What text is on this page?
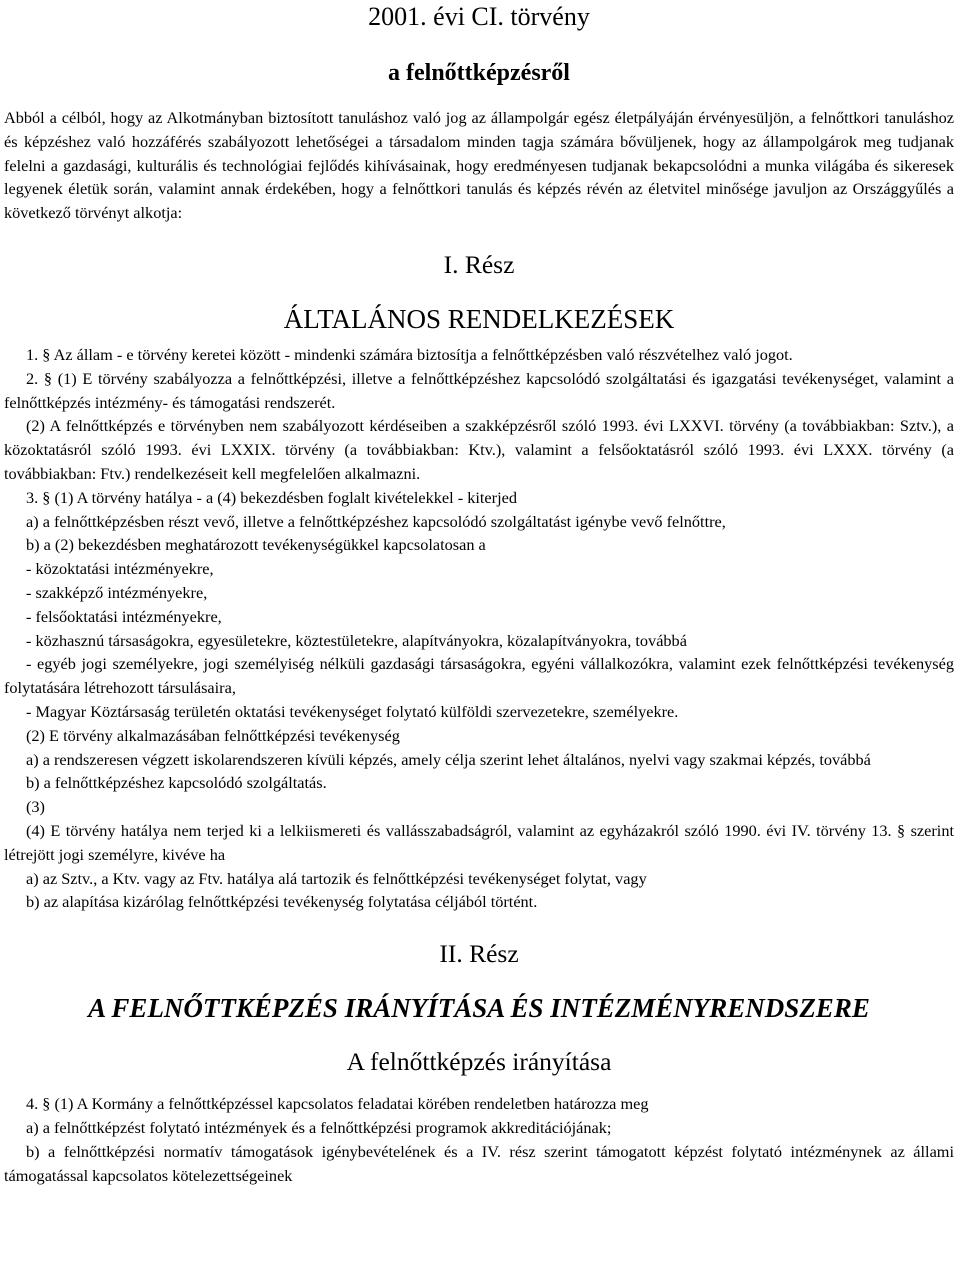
2001. évi CI. törvény
a felnőttképzésről

Abból a célból, hogy az Alkotmányban biztosított tanuláshoz való jog az állampolgár egész életpályáján érvényesüljön, a felnőttkori tanuláshoz és képzéshez való hozzáférés szabályozott lehetőségei a társadalom minden tagja számára bővüljenek, hogy az állampolgárok meg tudjanak felelni a gazdasági, kulturális és technológiai fejlődés kihívásainak, hogy eredményesen tudjanak bekapcsolódni a munka világába és sikeresek legyenek életük során, valamint annak érdekében, hogy a felnőttkori tanulás és képzés révén az életvitel minősége javuljon az Országgyűlés a következő törvényt alkotja:

I. Rész
ÁLTALÁNOS RENDELKEZÉSEK

1. § Az állam - e törvény keretei között - mindenki számára biztosítja a felnőttképzésben való részvételhez való jogot.

2. § (1) E törvény szabályozza a felnőttképzési, illetve a felnőttképzéshez kapcsolódó szolgáltatási és igazgatási tevékenységet, valamint a felnőttképzés intézmény- és támogatási rendszerét.

(2) A felnőttképzés e törvényben nem szabályozott kérdéseiben a szakképzésről szóló 1993. évi LXXVI. törvény (a továbbiakban: Sztv.), a közoktatásról szóló 1993. évi LXXIX. törvény (a továbbiakban: Ktv.), valamint a felsőoktatásról szóló 1993. évi LXXX. törvény (a továbbiakban: Ftv.) rendelkezéseit kell megfelelően alkalmazni.

3. § (1) A törvény hatálya - a (4) bekezdésben foglalt kivételekkel - kiterjed

a) a felnőttképzésben részt vevő, illetve a felnőttképzéshez kapcsolódó szolgáltatást igénybe vevő felnőttre,

b) a (2) bekezdésben meghatározott tevékenységükkel kapcsolatosan a

- közoktatási intézményekre,

- szakképző intézményekre,

- felsőoktatási intézményekre,

- közhasznú társaságokra, egyesületekre, köztestületekre, alapítványokra, közalapítványokra, továbbá

- egyéb jogi személyekre, jogi személyiség nélküli gazdasági társaságokra, egyéni vállalkozókra, valamint ezek felnőttképzési tevékenység folytatására létrehozott társulásaira,

- Magyar Köztársaság területén oktatási tevékenységet folytató külföldi szervezetekre, személyekre.

(2) E törvény alkalmazásában felnőttképzési tevékenység

a) a rendszeresen végzett iskolarendszeren kívüli képzés, amely célja szerint lehet általános, nyelvi vagy szakmai képzés, továbbá

b) a felnőttképzéshez kapcsolódó szolgáltatás.

(3)

(4) E törvény hatálya nem terjed ki a lelkiismereti és vallásszabadságról, valamint az egyházakról szóló 1990. évi IV. törvény 13. § szerint létrejött jogi személyre, kivéve ha

a) az Sztv., a Ktv. vagy az Ftv. hatálya alá tartozik és felnőttképzési tevékenységet folytat, vagy

b) az alapítása kizárólag felnőttképzési tevékenység folytatása céljából történt.

II. Rész
A FELNŐTTKÉPZÉS IRÁNYÍTÁSA ÉS INTÉZMÉNYRENDSZERE
A felnőttképzés irányítása

4. § (1) A Kormány a felnőttképzéssel kapcsolatos feladatai körében rendeletben határozza meg

a) a felnőttképzést folytató intézmények és a felnőttképzési programok akkreditációjának;

b) a felnőttképzési normatív támogatások igénybevételének és a IV. rész szerint támogatott képzést folytató intézménynek az állami támogatással kapcsolatos kötelezettségeinek
